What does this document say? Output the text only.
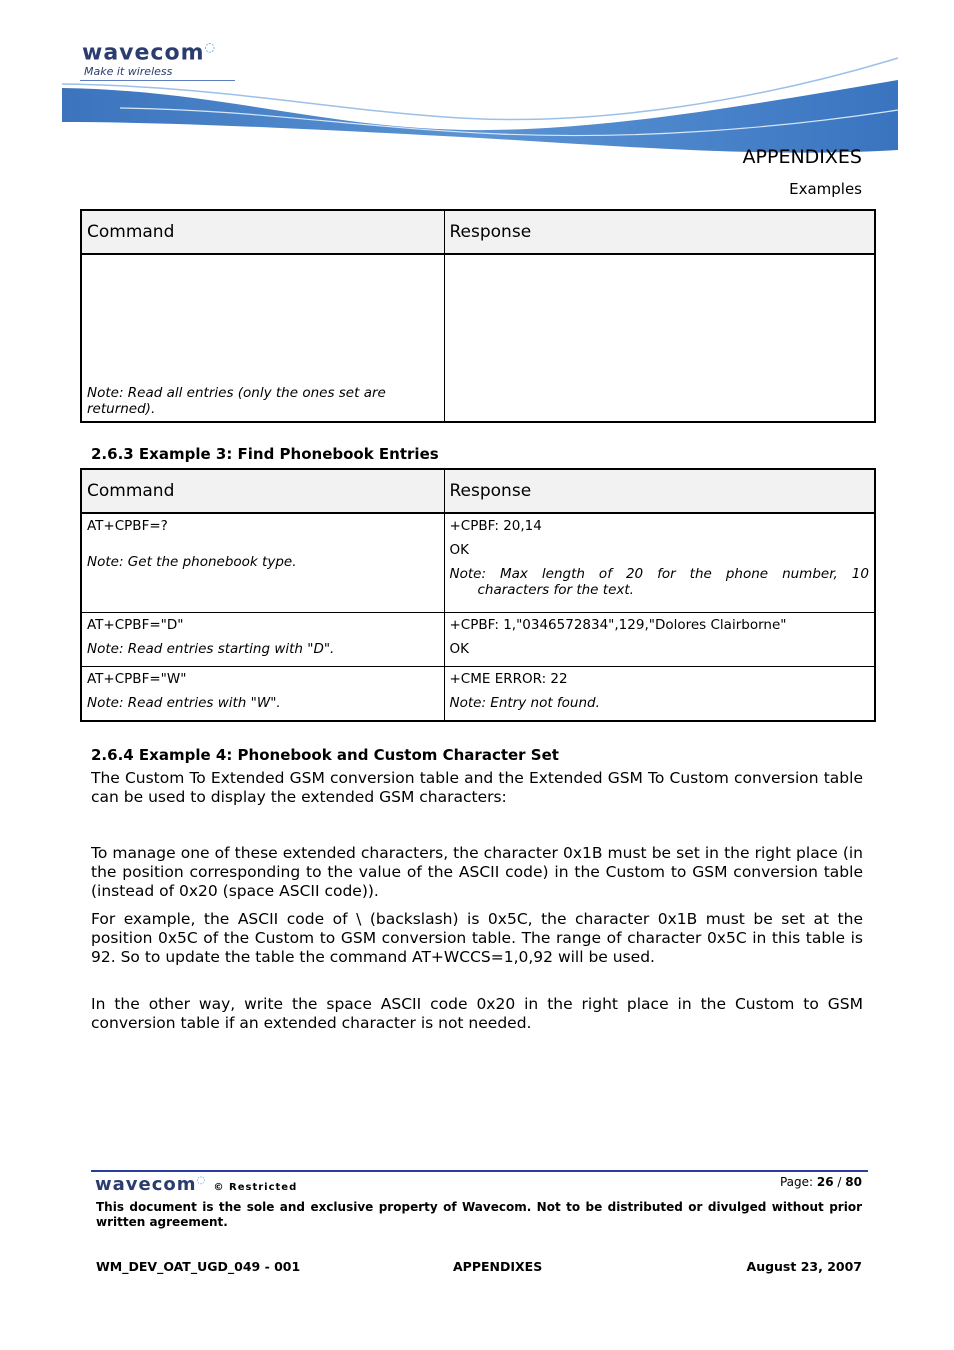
wavecom◌
Make it wireless
APPENDIXES
Examples
Command	Response
Note: Read all entries (only the ones set are returned).	
2.6.3 Example 3: Find Phonebook Entries
Command	Response

AT+CPBF=?
Note: Get the phonebook type.	+CPBF: 20,14
OK
Note: Max length of 20 for the phone number, 10
characters for the text.

AT+CPBF="D"
Note: Read entries starting with "D".	+CPBF: 1,"0346572834",129,"Dolores Clairborne"
OK

AT+CPBF="W"
Note: Read entries with "W".	+CME ERROR: 22
Note: Entry not found.
2.6.4 Example 4: Phonebook and Custom Character Set

The Custom To Extended GSM conversion table and the Extended GSM To Custom conversion table can be used to display the extended GSM characters:

To manage one of these extended characters, the character 0x1B must be set in the right place (in the position corresponding to the value of the ASCII code) in the Custom to GSM conversion table (instead of 0x20 (space ASCII code)).

For example, the ASCII code of \ (backslash) is 0x5C, the character 0x1B must be set at the position 0x5C of the Custom to GSM conversion table. The range of character 0x5C in this table is 92. So to update the table the command AT+WCCS=1,0,92 will be used.

In the other way, write the space ASCII code 0x20 in the right place in the Custom to GSM conversion table if an extended character is not needed.

wavecom◌ © Restricted	Page: 26 / 80
This document is the sole and exclusive property of Wavecom. Not to be distributed or divulged without prior written agreement.
WM_DEV_OAT_UGD_049 - 001	APPENDIXES	August 23, 2007
